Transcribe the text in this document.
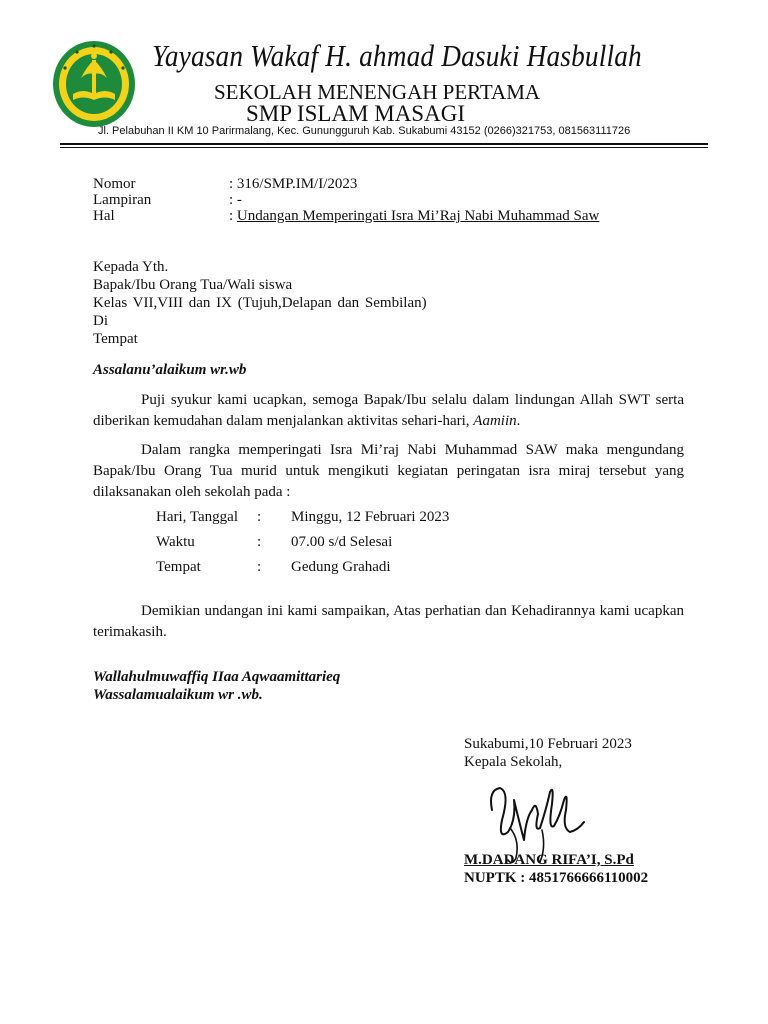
Yayasan Wakaf H. ahmad Dasuki Hasbullah
SEKOLAH MENENGAH PERTAMA
SMP ISLAM MASAGI
Jl. Pelabuhan II KM 10 Parirmalang, Kec. Gunungguruh Kab. Sukabumi 43152 (0266)321753, 081563111726
Nomor	: 316/SMP.IM/I/2023
Lampiran	: -
Hal	: Undangan Memperingati Isra Mi’Raj Nabi Muhammad Saw
Kepada Yth.
Bapak/Ibu Orang Tua/Wali siswa
Kelas VII,VIII dan IX (Tujuh,Delapan dan Sembilan)
Di
Tempat
Assalanu’alaikum wr.wb

Puji syukur kami ucapkan, semoga Bapak/Ibu selalu dalam lindungan Allah SWT serta diberikan kemudahan dalam menjalankan aktivitas sehari-hari, Aamiin.

Dalam rangka memperingati Isra Mi’raj Nabi Muhammad SAW maka mengundang Bapak/Ibu Orang Tua murid untuk mengikuti kegiatan peringatan isra miraj tersebut yang dilaksanakan oleh sekolah pada :

Hari, Tanggal : Minggu, 12 Februari 2023
Waktu	: 07.00 s/d Selesai
Tempat	: Gedung Grahadi

Demikian undangan ini kami sampaikan, Atas perhatian dan Kehadirannya kami ucapkan terimakasih.

Wallahulmuwaffiq IIaa Aqwaamittarieq
Wassalamualaikum wr .wb.
Sukabumi,10 Februari 2023
Kepala Sekolah,
M.DADANG RIFA’I, S.Pd
NUPTK : 4851766666110002
